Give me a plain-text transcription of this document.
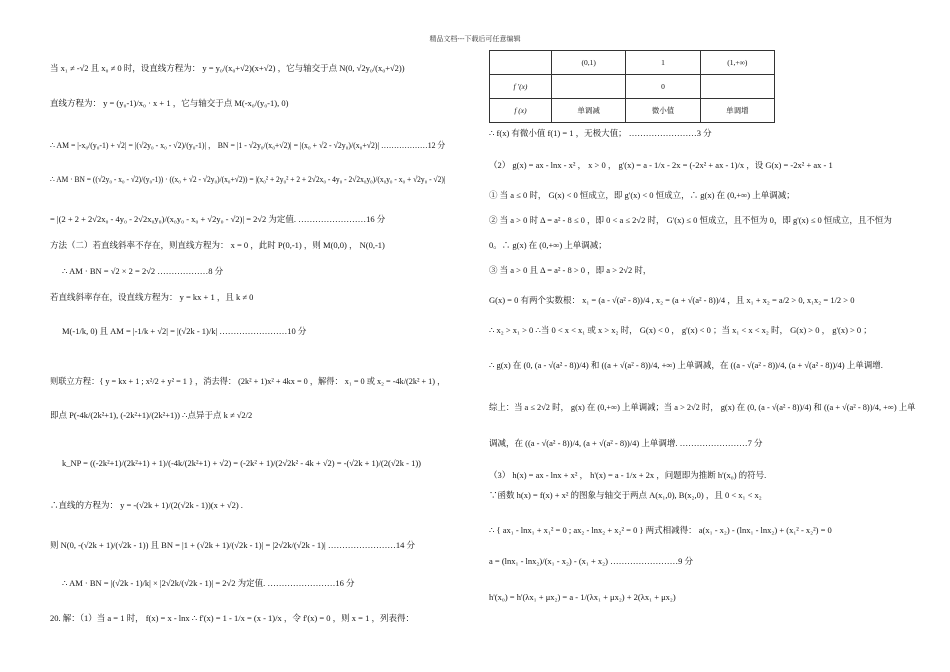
精品文档---下载后可任意编辑
当 x₁ ≠ -√2 且 x₀ ≠ 0 时，设直线方程为： y = y₀/(x₀+√2)(x+√2) ，它与轴交于点 N(0, √2y₀/(x₀+√2))
直线方程为： y = (y₀-1)/x₀ · x + 1 ，它与轴交于点 M(-x₀/(y₀-1), 0)
∴ AM = |-x₀/(y₀-1) + √2| = |(√2y₀ - x₀ - √2)/(y₀-1)| ， BN = |1 - √2y₀/(x₀+√2)| = |(x₀ + √2 - √2y₀)/(x₀+√2)| ………………12 分
∴ AM · BN = ((√2y₀ - x₀ - √2)/(y₀-1)) · ((x₀ + √2 - √2y₀)/(x₀+√2)) = |(x₀² + 2y₀² + 2 + 2√2x₀ - 4y₀ - 2√2x₀y₀)/(x₀y₀ - x₀ + √2y₀ - √2)|
= |(2 + 2 + 2√2x₀ - 4y₀ - 2√2x₀y₀)/(x₀y₀ - x₀ + √2y₀ - √2)| = 2√2 为定值. ……………………16 分
方法（二）若直线斜率不存在，则直线方程为： x = 0 ，此时 P(0,-1) ，则 M(0,0) ， N(0,-1)
∴ AM · BN = √2 × 2 = 2√2 ………………8 分
若直线斜率存在，设直线方程为： y = kx + 1 ，且 k ≠ 0
M(-1/k, 0) 且 AM = |-1/k + √2| = |(√2k - 1)/k| ……………………10 分
则联立方程：{ y = kx + 1 ; x²/2 + y² = 1 } ，消去得： (2k² + 1)x² + 4kx = 0 ，解得： x₁ = 0 或 x₂ = -4k/(2k² + 1) ，
即点 P(-4k/(2k²+1), (-2k²+1)/(2k²+1)) ∴点异于点 k ≠ √2/2
k_NP = ((-2k²+1)/(2k²+1) + 1)/(-4k/(2k²+1) + √2) = (-2k² + 1)/(2√2k² - 4k + √2) = -(√2k + 1)/(2(√2k - 1))
∴直线的方程为： y = -(√2k + 1)/(2(√2k - 1))(x + √2) .
则 N(0, -(√2k + 1)/(√2k - 1)) 且 BN = |1 + (√2k + 1)/(√2k - 1)| = |2√2k/(√2k - 1)| ……………………14 分
∴ AM · BN = |(√2k - 1)/k| × |2√2k/(√2k - 1)| = 2√2 为定值. ……………………16 分
20. 解：（1）当 a = 1 时， f(x) = x - lnx ∴ f'(x) = 1 - 1/x = (x - 1)/x ，令 f'(x) = 0 ，则 x = 1 ，列表得：
	(0,1)	1	(1,+∞)
f '(x)		0	
f (x)	单调减	微小值	单调增
∴ f(x) 有微小值 f(1) = 1 ，无极大值； ……………………3 分
（2） g(x) = ax - lnx - x² ， x > 0 ， g'(x) = a - 1/x - 2x = (-2x² + ax - 1)/x ，设 G(x) = -2x² + ax - 1
① 当 a ≤ 0 时， G(x) < 0 恒成立，即 g'(x) < 0 恒成立，∴ g(x) 在 (0,+∞) 上单调减；
② 当 a > 0 时 Δ = a² - 8 ≤ 0 ，即 0 < a ≤ 2√2 时， G'(x) ≤ 0 恒成立，且不恒为 0，即 g'(x) ≤ 0 恒成立，且不恒为
0。∴ g(x) 在 (0,+∞) 上单调减；
③ 当 a > 0 且 Δ = a² - 8 > 0 ，即 a > 2√2 时，
G(x) = 0 有两个实数根： x₁ = (a - √(a² - 8))/4 , x₂ = (a + √(a² - 8))/4 ，且 x₁ + x₂ = a/2 > 0, x₁x₂ = 1/2 > 0
∴ x₂ > x₁ > 0 ∴当 0 < x < x₁ 或 x > x₂ 时， G(x) < 0 ， g'(x) < 0 ；当 x₁ < x < x₂ 时， G(x) > 0 ， g'(x) > 0 ；
∴ g(x) 在 (0, (a - √(a² - 8))/4) 和 ((a + √(a² - 8))/4, +∞) 上单调减，在 ((a - √(a² - 8))/4, (a + √(a² - 8))/4) 上单调增.
综上：当 a ≤ 2√2 时， g(x) 在 (0,+∞) 上单调减；当 a > 2√2 时， g(x) 在 (0, (a - √(a² - 8))/4) 和 ((a + √(a² - 8))/4, +∞) 上单
调减，在 ((a - √(a² - 8))/4, (a + √(a² - 8))/4) 上单调增. ……………………7 分
（3） h(x) = ax - lnx + x² ， h'(x) = a - 1/x + 2x ，问题即为推断 h'(x₀) 的符号.
∵函数 h(x) = f(x) + x² 的图象与轴交于两点 A(x₁,0), B(x₂,0) ，且 0 < x₁ < x₂
∴ { ax₁ - lnx₁ + x₁² = 0 ; ax₂ - lnx₂ + x₂² = 0 } 两式相减得： a(x₁ - x₂) - (lnx₁ - lnx₂) + (x₁² - x₂²) = 0
a = (lnx₁ - lnx₂)/(x₁ - x₂) - (x₁ + x₂) ……………………9 分
h'(x₀) = h'(λx₁ + μx₂) = a - 1/(λx₁ + μx₂) + 2(λx₁ + μx₂)
